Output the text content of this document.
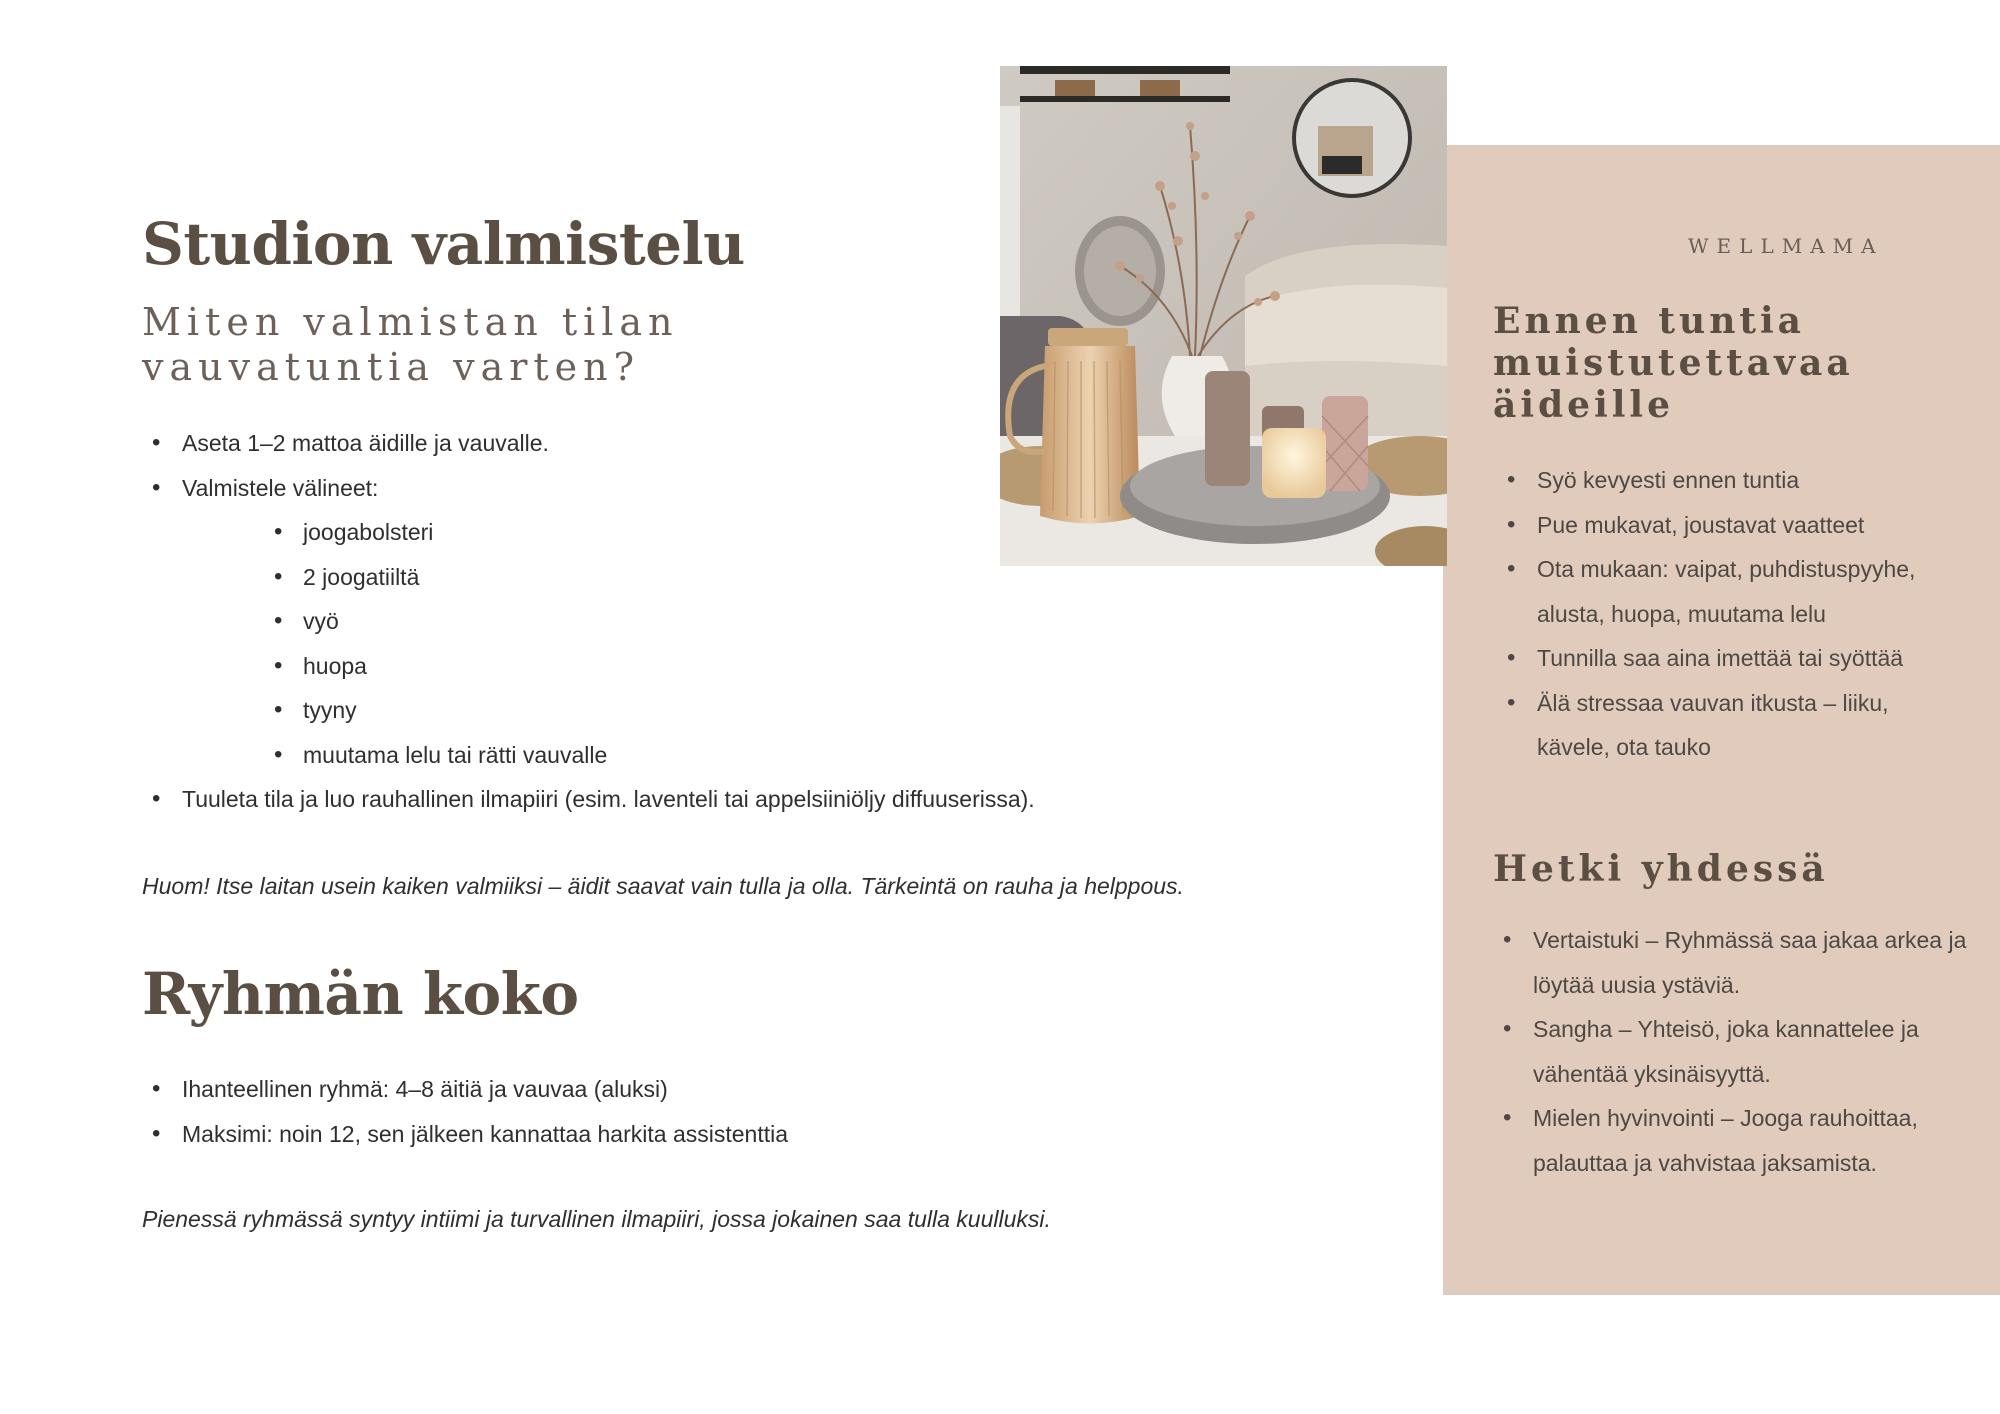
Studion valmistelu

Miten valmistan tilan vauvatuntia varten?

• Aseta 1–2 mattoa äidille ja vauvalle.
• Valmistele välineet:
• joogabolsteri
• 2 joogatiiltä
• vyö
• huopa
• tyyny
• muutama lelu tai rätti vauvalle
• Tuuleta tila ja luo rauhallinen ilmapiiri (esim. laventeli tai appelsiiniöljy diffuuserissa).

Huom! Itse laitan usein kaiken valmiiksi – äidit saavat vain tulla ja olla. Tärkeintä on rauha ja helppous.

Ryhmän koko
• Ihanteellinen ryhmä: 4–8 äitiä ja vauvaa (aluksi)
• Maksimi: noin 12, sen jälkeen kannattaa harkita assistenttia

Pienessä ryhmässä syntyy intiimi ja turvallinen ilmapiiri, jossa jokainen saa tulla kuulluksi.

WELLMAMA

Ennen tuntia muistutettavaa äideille
• Syö kevyesti ennen tuntia
• Pue mukavat, joustavat vaatteet
• Ota mukaan: vaipat, puhdistuspyyhe, alusta, huopa, muutama lelu
• Tunnilla saa aina imettää tai syöttää
• Älä stressaa vauvan itkusta – liiku, kävele, ota tauko
Hetki yhdessä
• Vertaistuki – Ryhmässä saa jakaa arkea ja löytää uusia ystäviä.
• Sangha – Yhteisö, joka kannattelee ja vähentää yksinäisyyttä.
• Mielen hyvinvointi – Jooga rauhoittaa, palauttaa ja vahvistaa jaksamista.
